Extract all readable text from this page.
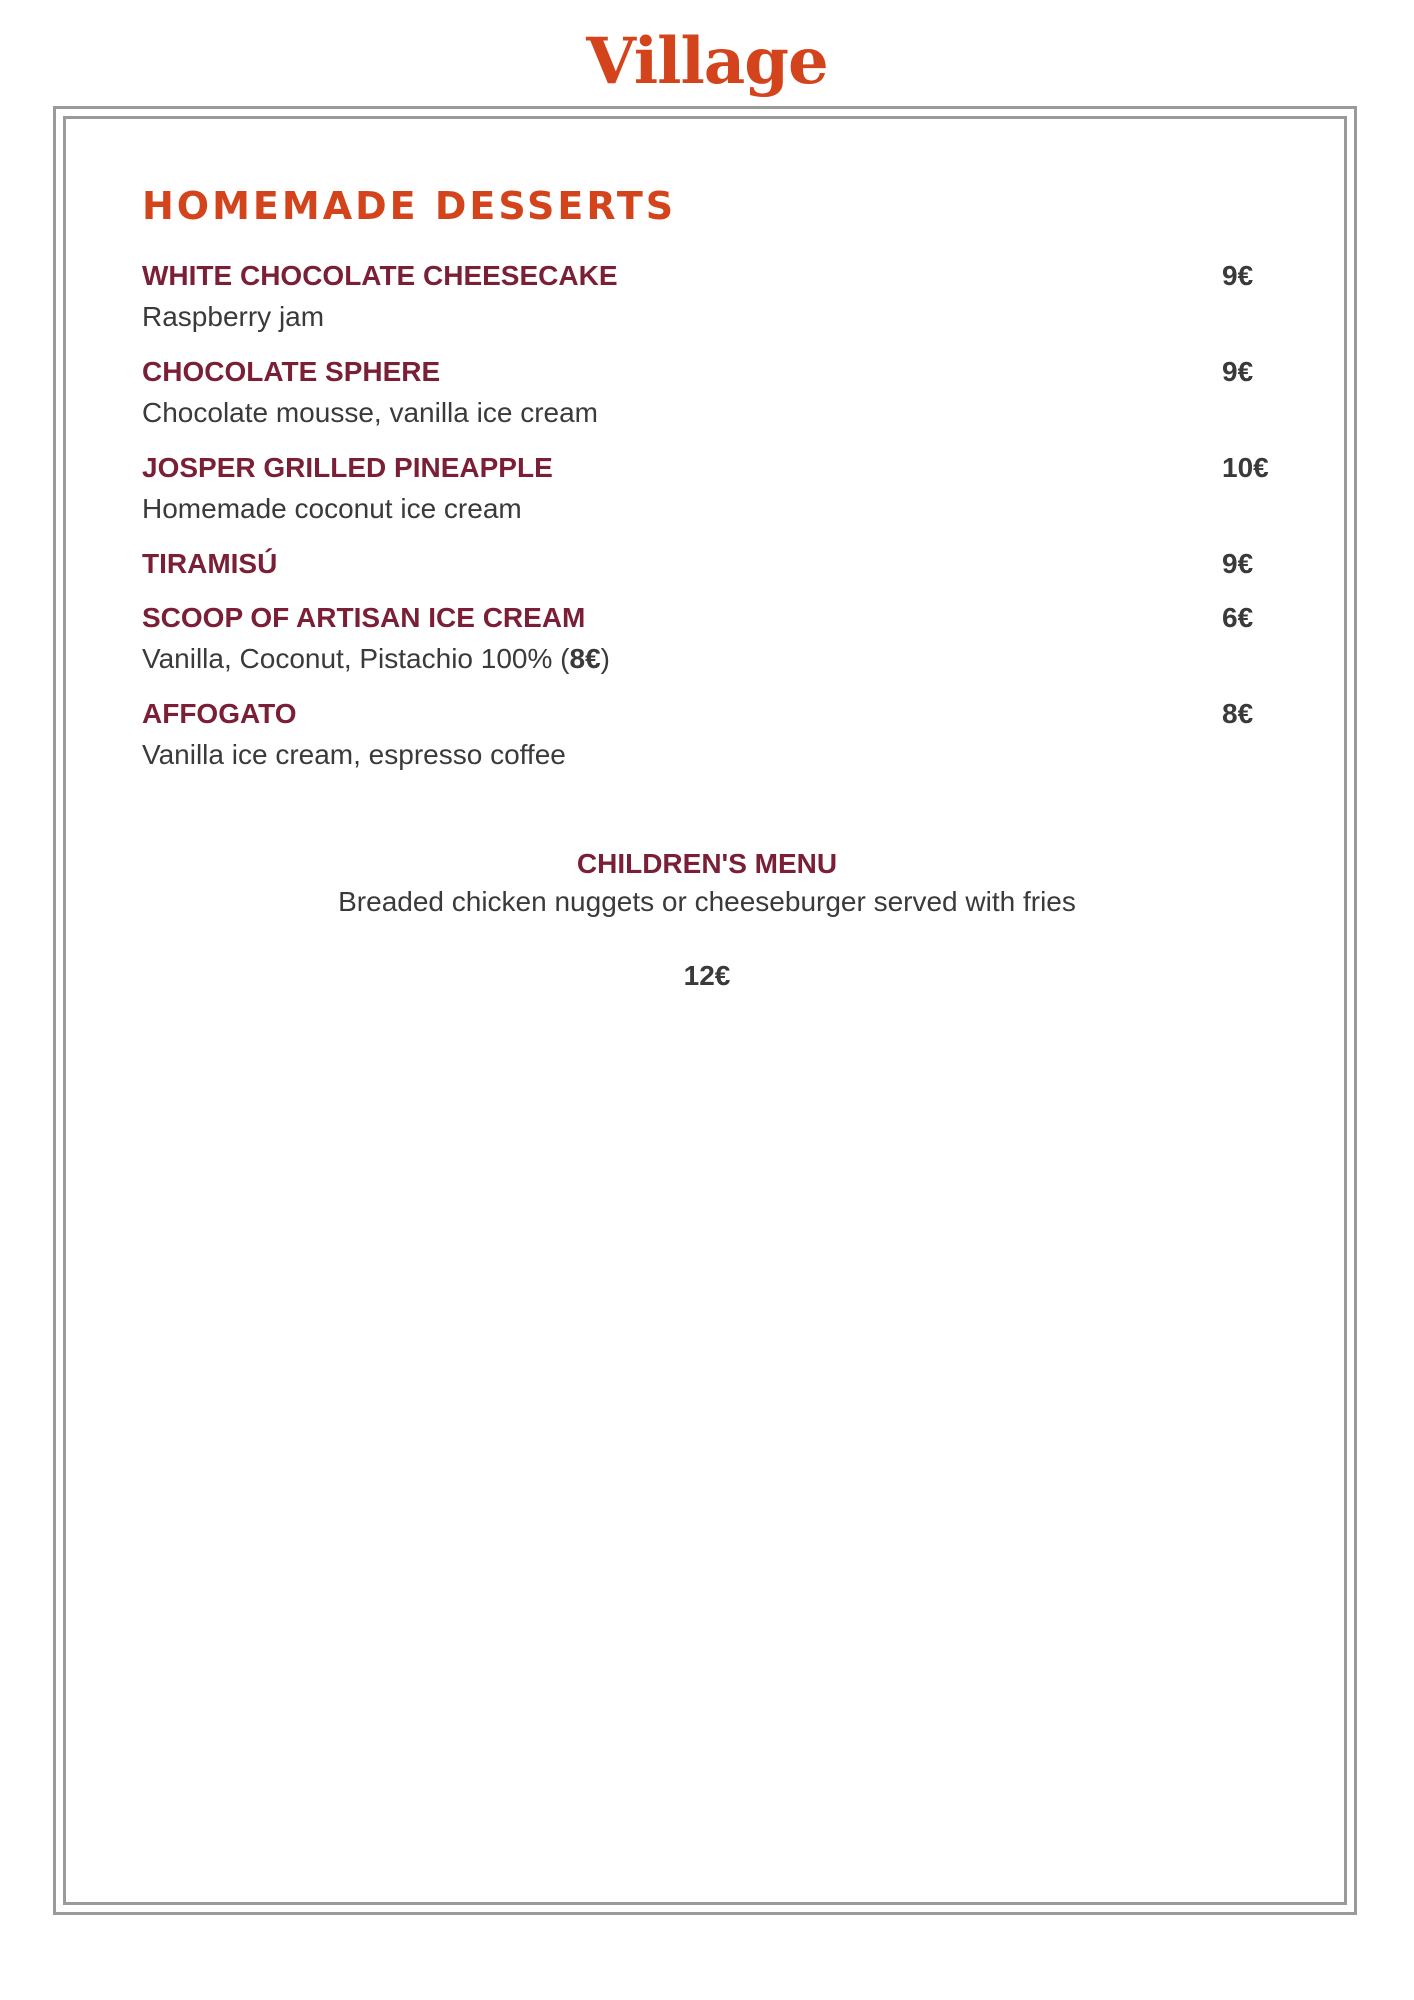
Village
HOMEMADE DESSERTS
WHITE CHOCOLATE CHEESECAKE
Raspberry jam
9€
CHOCOLATE SPHERE
Chocolate mousse, vanilla ice cream
9€
JOSPER GRILLED PINEAPPLE
Homemade coconut ice cream
10€
TIRAMISÚ	9€
SCOOP OF ARTISAN ICE CREAM
Vanilla, Coconut, Pistachio 100% (8€)
6€
AFFOGATO
Vanilla ice cream, espresso coffee
8€
CHILDREN'S MENU
Breaded chicken nuggets or cheeseburger served with fries
12€
